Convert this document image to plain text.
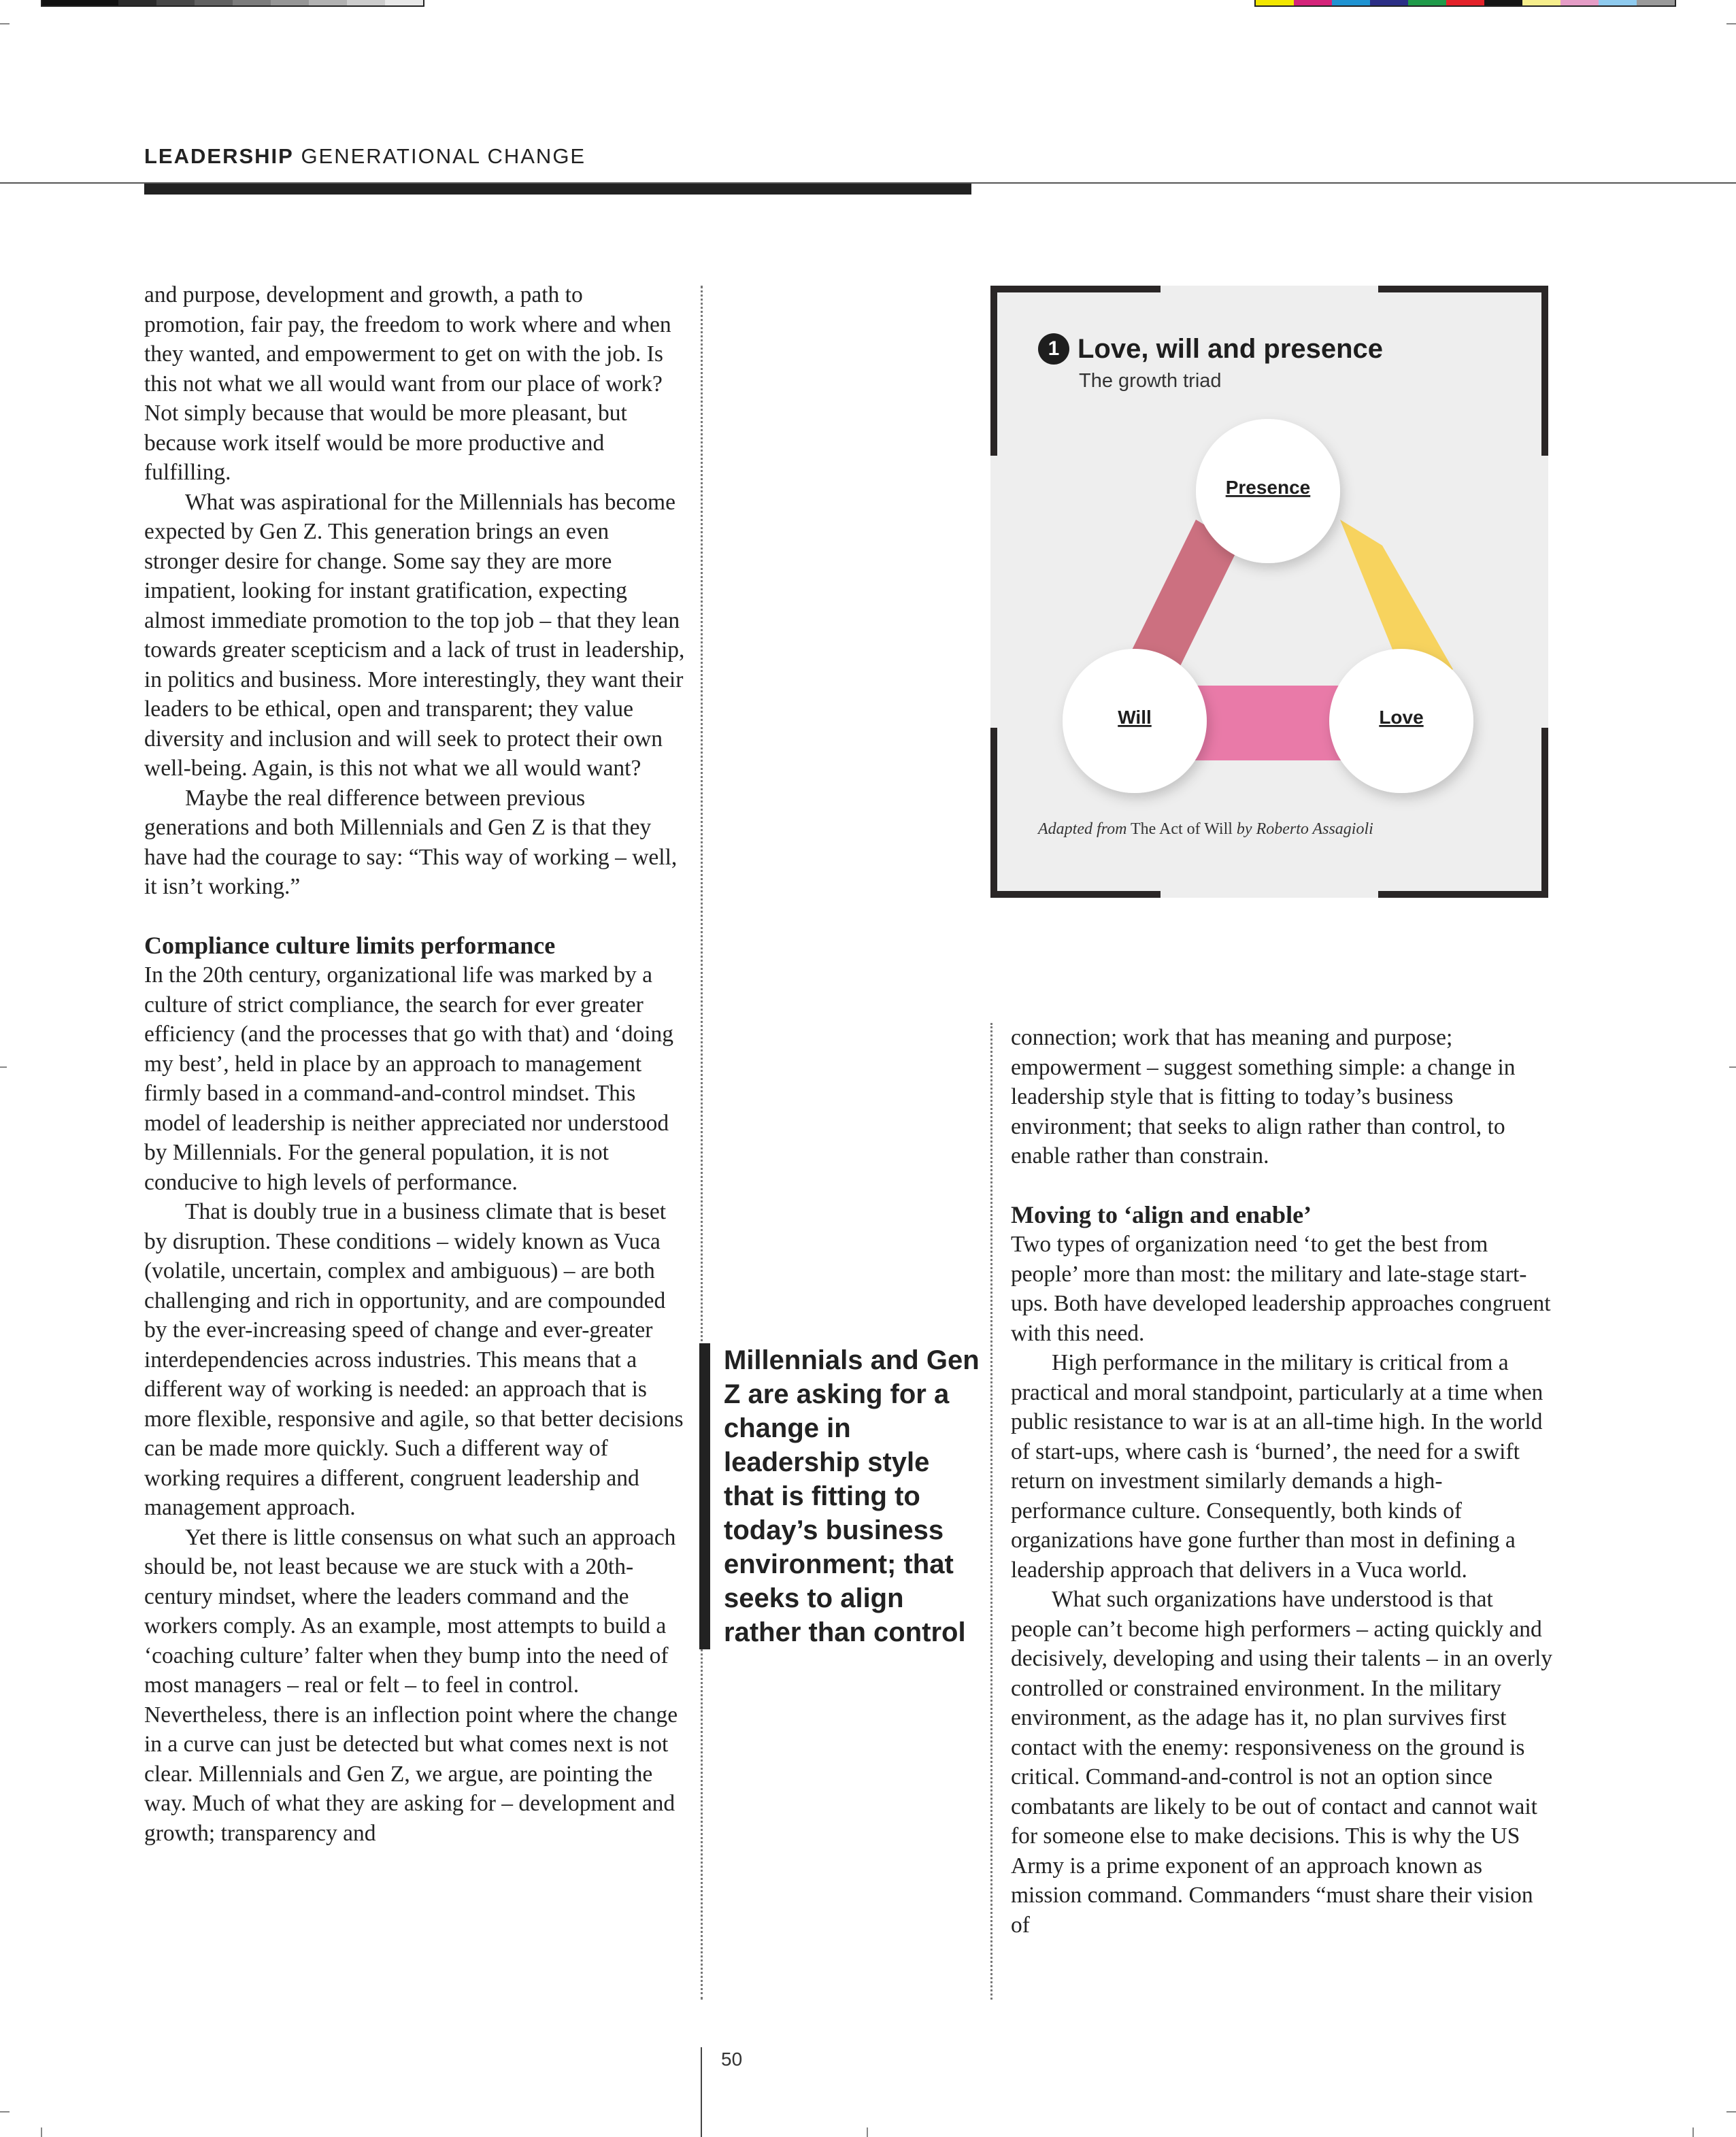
LEADERSHIP GENERATIONAL CHANGE

and purpose, development and growth, a path to promotion, fair pay, the freedom to work where and when they wanted, and empowerment to get on with the job. Is this not what we all would want from our place of work? Not simply because that would be more pleasant, but because work itself would be more productive and fulfilling.

What was aspirational for the Millennials has become expected by Gen Z. This generation brings an even stronger desire for change. Some say they are more impatient, looking for instant gratification, expecting almost immediate promotion to the top job – that they lean towards greater scepticism and a lack of trust in leadership, in politics and business. More interestingly, they want their leaders to be ethical, open and transparent; they value diversity and inclusion and will seek to protect their own well-being. Again, is this not what we all would want?

Maybe the real difference between previous generations and both Millennials and Gen Z is that they have had the courage to say: “This way of working – well, it isn’t working.”

Compliance culture limits performance

In the 20th century, organizational life was marked by a culture of strict compliance, the search for ever greater efficiency (and the processes that go with that) and ‘doing my best’, held in place by an approach to management firmly based in a command-and-control mindset. This model of leadership is neither appreciated nor understood by Millennials. For the general population, it is not conducive to high levels of performance.

That is doubly true in a business climate that is beset by disruption. These conditions – widely known as Vuca (volatile, uncertain, complex and ambiguous) – are both challenging and rich in opportunity, and are compounded by the ever-increasing speed of change and ever-greater interdependencies across industries. This means that a different way of working is needed: an approach that is more flexible, responsive and agile, so that better decisions can be made more quickly. Such a different way of working requires a different, congruent leadership and management approach.

Yet there is little consensus on what such an approach should be, not least because we are stuck with a 20th-century mindset, where the leaders command and the workers comply. As an example, most attempts to build a ‘coaching culture’ falter when they bump into the need of most managers – real or felt – to feel in control. Nevertheless, there is an inflection point where the change in a curve can just be detected but what comes next is not clear. Millennials and Gen Z, we argue, are pointing the way. Much of what they are asking for – development and growth; transparency and

Millennials and Gen Z are asking for a change in leadership style that is fitting to today’s business environment; that seeks to align rather than control
1 Love, will and presence
The growth triad
Presence
Will	Love
Adapted from The Act of Will by Roberto Assagioli

connection; work that has meaning and purpose; empowerment – suggest something simple: a change in leadership style that is fitting to today’s business environment; that seeks to align rather than control, to enable rather than constrain.

Moving to ‘align and enable’

Two types of organization need ‘to get the best from people’ more than most: the military and late-stage start-ups. Both have developed leadership approaches congruent with this need.

High performance in the military is critical from a practical and moral standpoint, particularly at a time when public resistance to war is at an all-time high. In the world of start-ups, where cash is ‘burned’, the need for a swift return on investment similarly demands a high-performance culture. Consequently, both kinds of organizations have gone further than most in defining a leadership approach that delivers in a Vuca world.

What such organizations have understood is that people can’t become high performers – acting quickly and decisively, developing and using their talents – in an overly controlled or constrained environment. In the military environment, as the adage has it, no plan survives first contact with the enemy: responsiveness on the ground is critical. Command-and-control is not an option since combatants are likely to be out of contact and cannot wait for someone else to make decisions. This is why the US Army is a prime exponent of an approach known as mission command. Commanders “must share their vision of

50
